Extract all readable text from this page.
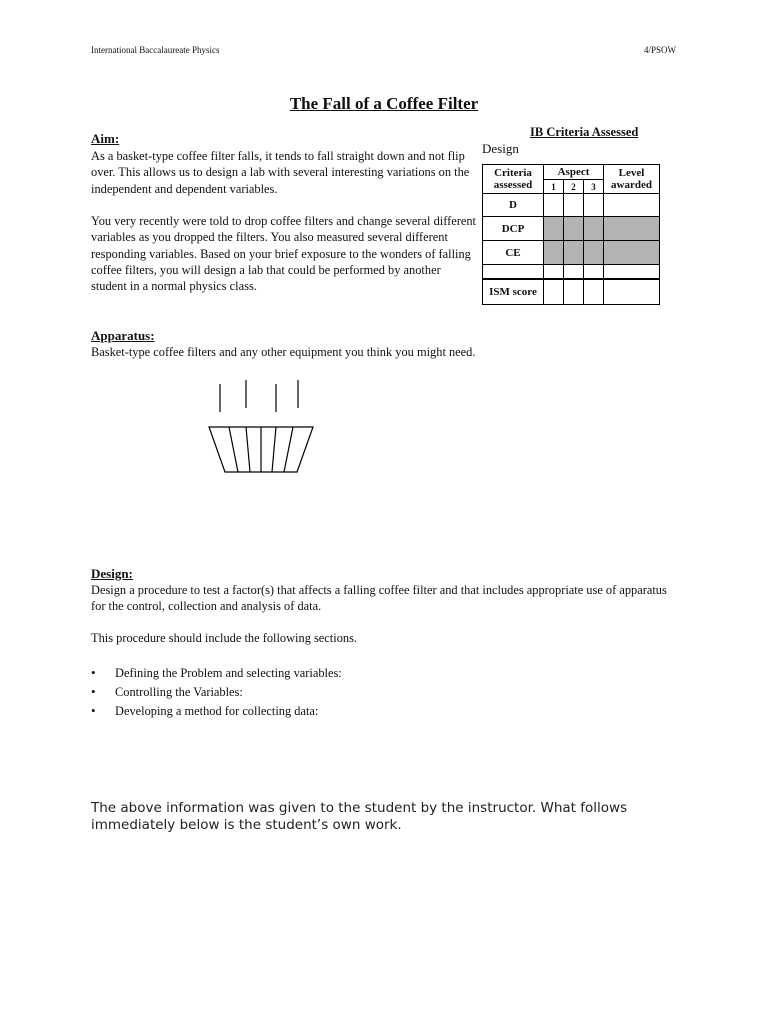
International Baccalaureate Physics	4/PSOW
The Fall of a Coffee Filter
Aim:
As a basket-type coffee filter falls, it tends to fall straight down and not flip over. This allows us to design a lab with several interesting variations on the independent and dependent variables.
You very recently were told to drop coffee filters and change several different variables as you dropped the filters. You also measured several different responding variables. Based on your brief exposure to the wonders of falling coffee filters, you will design a lab that could be performed by another student in a normal physics class.
IB Criteria Assessed
Design
Criteria assessed	Aspect			Level awarded
	1	2	3	
D				
DCP				
CE				

ISM score				
Apparatus:
Basket-type coffee filters and any other equipment you think you might need.
Design:
Design a procedure to test a factor(s) that affects a falling coffee filter and that includes appropriate use of apparatus for the control, collection and analysis of data.
This procedure should include the following sections.
• Defining the Problem and selecting variables:
• Controlling the Variables:
• Developing a method for collecting data:
The above information was given to the student by the instructor. What follows immediately below is the student’s own work.
